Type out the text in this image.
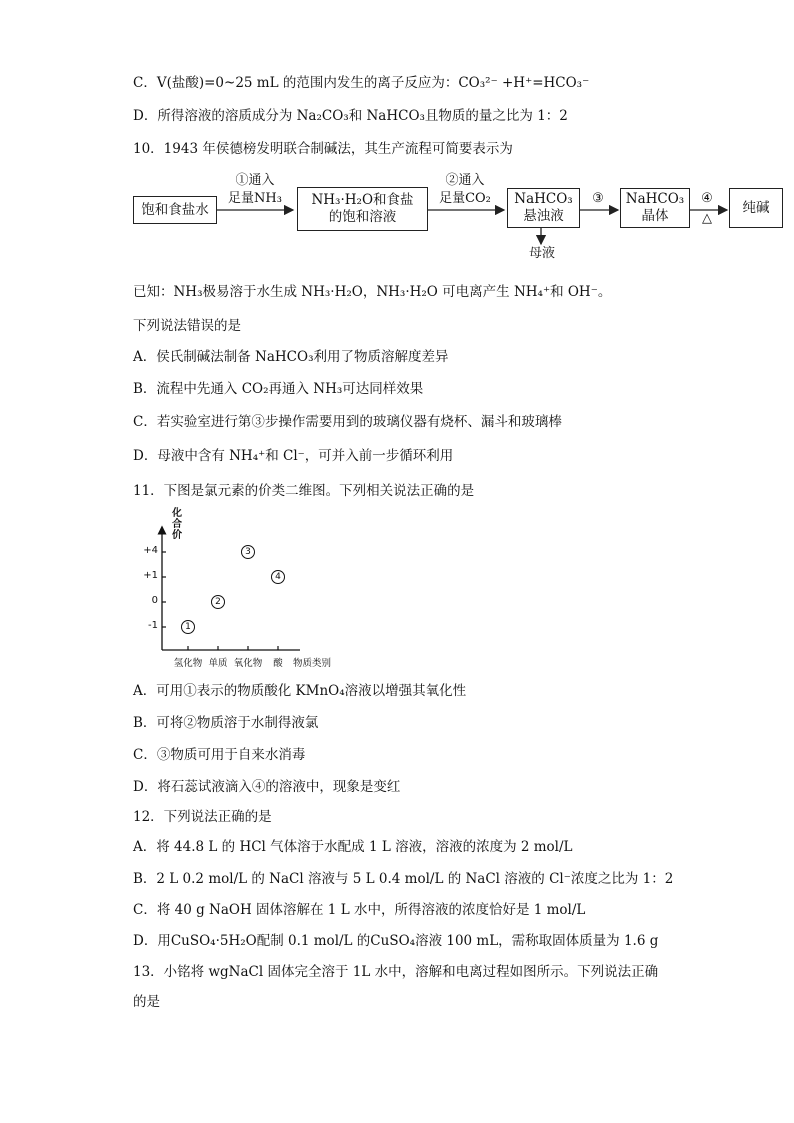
C．V(盐酸)=0~25 mL 的范围内发生的离子反应为：CO₃²⁻ +H⁺=HCO₃⁻
D．所得溶液的溶质成分为 Na₂CO₃和 NaHCO₃且物质的量之比为 1：2
10．1943 年侯德榜发明联合制碱法，其生产流程可简要表示为
饱和食盐水
①通入
足量NH₃	NH₃·H₂O和食盐
的饱和溶液
②通入
足量CO₂	NaHCO₃
悬浊液
③	NaHCO₃
晶体
④
△
纯碱
母液
已知：NH₃极易溶于水生成 NH₃·H₂O，NH₃·H₂O 可电离产生 NH₄⁺和 OH⁻。
下列说法错误的是
A．侯氏制碱法制备 NaHCO₃利用了物质溶解度差异
B．流程中先通入 CO₂再通入 NH₃可达同样效果
C．若实验室进行第③步操作需要用到的玻璃仪器有烧杯、漏斗和玻璃棒
D．母液中含有 NH₄⁺和 Cl⁻，可并入前一步循环利用
11．下图是氯元素的价类二维图。下列相关说法正确的是
化合价
+4
+1
0
-1
氢化物 单质 氧化物 酸
1
2
3
4
物质类别
A．可用①表示的物质酸化 KMnO₄溶液以增强其氧化性
B．可将②物质溶于水制得液氯
C．③物质可用于自来水消毒
D．将石蕊试液滴入④的溶液中，现象是变红
12．下列说法正确的是
A．将 44.8 L 的 HCl 气体溶于水配成 1 L 溶液，溶液的浓度为 2 mol/L
B．2 L 0.2 mol/L 的 NaCl 溶液与 5 L 0.4 mol/L 的 NaCl 溶液的 Cl⁻浓度之比为 1：2
C．将 40 g NaOH 固体溶解在 1 L 水中，所得溶液的浓度恰好是 1 mol/L
D．用CuSO₄·5H₂O配制 0.1 mol/L 的CuSO₄溶液 100 mL，需称取固体质量为 1.6 g
13．小铭将 wgNaCl 固体完全溶于 1L 水中，溶解和电离过程如图所示。下列说法正确
的是
